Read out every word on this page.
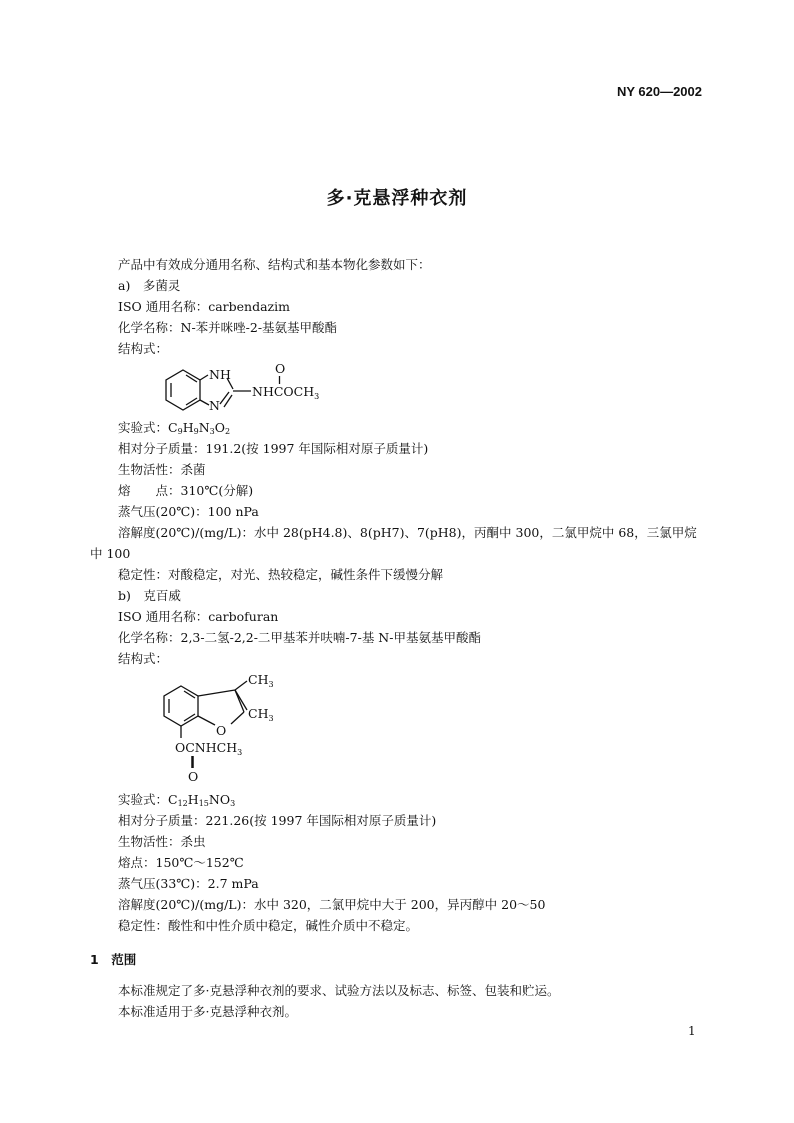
NY 620—2002
多·克悬浮种衣剂
产品中有效成分通用名称、结构式和基本物化参数如下：
a)　多菌灵
ISO 通用名称：carbendazim
化学名称：N-苯并咪唑-2-基氨基甲酸酯
结构式：
NH
N
O
$NHCOCH_3$
实验式：$C_9H_9N_3O_2$
相对分子质量：191.2(按 1997 年国际相对原子质量计)
生物活性：杀菌
熔　　点：310℃(分解)
蒸气压(20℃)：100 nPa
溶解度(20℃)/(mg/L)：水中 28(pH4.8)、8(pH7)、7(pH8)，丙酮中 300，二氯甲烷中 68，三氯甲烷
中 100
稳定性：对酸稳定，对光、热较稳定，碱性条件下缓慢分解
b)　克百威
ISO 通用名称：carbofuran
化学名称：2,3-二氢-2,2-二甲基苯并呋喃-7-基 N-甲基氨基甲酸酯
结构式：
$CH_3$
$CH_3$
O
$OCNHCH_3$
O
实验式：$C_{12}H_{15}NO_3$
相对分子质量：221.26(按 1997 年国际相对原子质量计)
生物活性：杀虫
熔点：150℃～152℃
蒸气压(33℃)：2.7 mPa
溶解度(20℃)/(mg/L)：水中 320，二氯甲烷中大于 200，异丙醇中 20～50
稳定性：酸性和中性介质中稳定，碱性介质中不稳定。
1　范围
本标准规定了多·克悬浮种衣剂的要求、试验方法以及标志、标签、包装和贮运。
本标准适用于多·克悬浮种衣剂。
1
